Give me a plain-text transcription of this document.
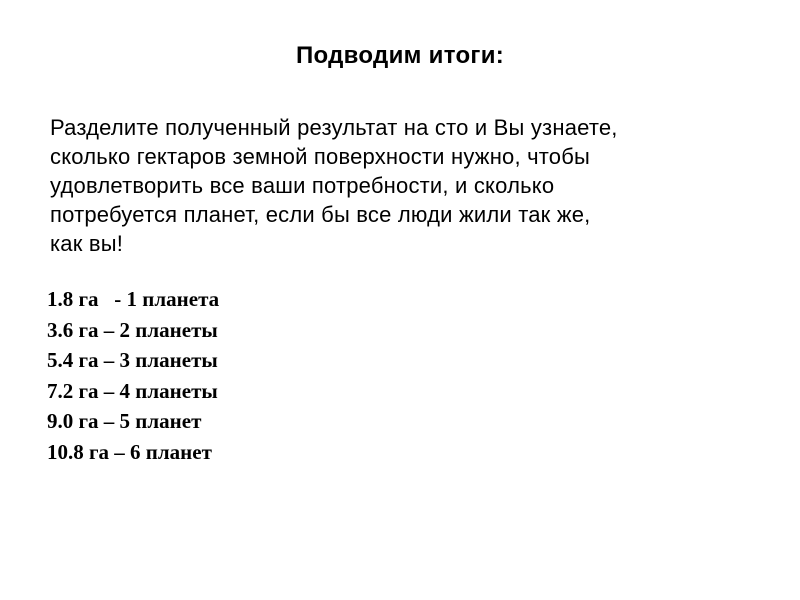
Подводим итоги:
Разделите полученный результат на сто и Вы узнаете,
сколько гектаров земной поверхности нужно, чтобы
удовлетворить все ваши потребности, и сколько
потребуется планет, если бы все люди жили так же,
как вы!
1.8 га   - 1 планета
3.6 га – 2 планеты
5.4 га – 3 планеты
7.2 га – 4 планеты
9.0 га – 5 планет
10.8 га – 6 планет
